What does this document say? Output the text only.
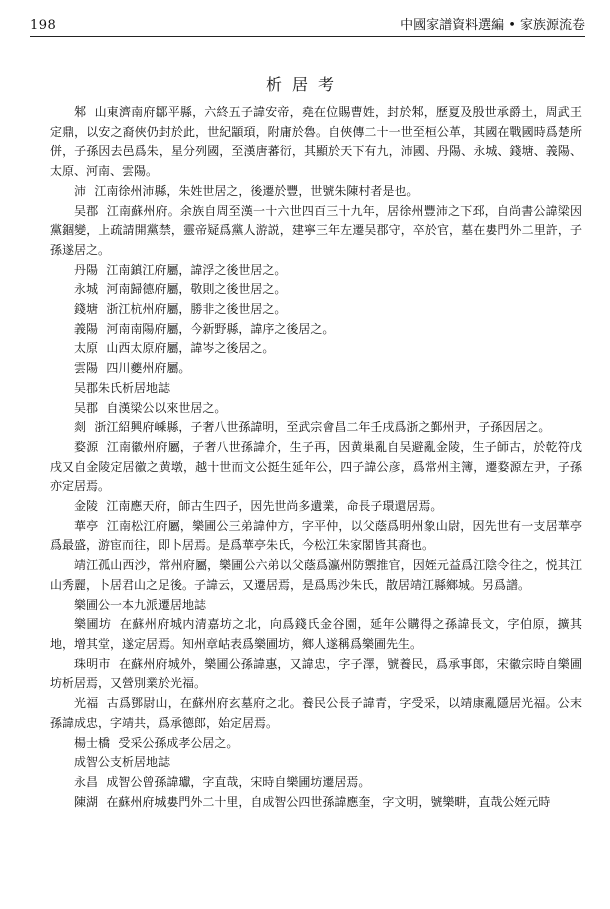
198	中國家譜資料選編 • 家族源流卷
析居考

邾 山東濟南府鄒平縣，六終五子諱安帝，堯在位賜曹姓，封於邾，歷夏及殷世承爵土，周武王定鼎，以安之裔俠仍封於此，世紀顓頊，附庸於魯。自俠傳二十一世至桓公革，其國在戰國時爲楚所併，子孫因去邑爲朱，星分列國，至漢唐蕃衍，其顯於天下有九，沛國、丹陽、永城、錢塘、義陽、太原、河南、雲陽。

沛 江南徐州沛縣，朱姓世居之，後遷於豐，世號朱陳村者是也。

吴郡 江南蘇州府。余族自周至漢一十六世四百三十九年，居徐州豐沛之下邳，自尚書公諱梁因黨錮變，上疏請開黨禁，靈帝疑爲黨人游説，建寧三年左遷吴郡守，卒於官，墓在婁門外二里許，子孫遂居之。

丹陽 江南鎮江府屬，諱浮之後世居之。

永城 河南歸德府屬，敬則之後世居之。

錢塘 浙江杭州府屬，勝非之後世居之。

義陽 河南南陽府屬，今新野縣，諱序之後居之。

太原 山西太原府屬，諱岑之後居之。

雲陽 四川夔州府屬。

吴郡朱氏析居地誌

吴郡 自漢梁公以來世居之。

剡 浙江紹興府嵊縣，子奢八世孫諱明，至武宗會昌二年壬戌爲浙之鄞州尹，子孫因居之。

婺源 江南徽州府屬，子奢八世孫諱介，生子再，因黄巢亂自吴避亂金陵，生子師古，於乾符戊戌又自金陵定居徽之黄墩，越十世而文公挺生延年公，四子諱公彦，爲常州主簿，遷婺源左尹，子孫亦定居焉。

金陵 江南應天府，師古生四子，因先世尚多遺業，命長子環還居焉。

華亭 江南松江府屬，樂圃公三弟諱仲方，字平仲，以父蔭爲明州象山尉，因先世有一支居華亭爲最盛，游宦而往，即卜居焉。是爲華亭朱氏，今松江朱家閣皆其裔也。

靖江孤山西沙，常州府屬，樂圃公六弟以父蔭爲瀛州防禦推官，因姪元益爲江陰令往之，悦其江山秀麗，卜居君山之足後。子諱云，又遷居焉，是爲馬沙朱氏，散居靖江縣鄉城。另爲譜。

樂圃公一本九派遷居地誌

樂圃坊 在蘇州府城内清嘉坊之北，向爲錢氏金谷園，延年公購得之孫諱長文，字伯原，擴其地，增其堂，遂定居焉。知州章岵表爲樂圃坊，鄉人遂稱爲樂圃先生。

珠明市 在蘇州府城外，樂圃公孫諱惠，又諱忠，字子澤，號養民，爲承事郎，宋徽宗時自樂圃坊析居焉，又營別業於光福。

光福 古爲鄧尉山，在蘇州府玄墓府之北。養民公長子諱青，字受采，以靖康亂隱居光福。公末孫諱成忠，字靖共，爲承德郎，始定居焉。

楊士橋 受采公孫成孝公居之。

成智公支析居地誌

永昌 成智公曾孫諱瓛，字直哉，宋時自樂圃坊遷居焉。

陳湖 在蘇州府城婁門外二十里，自成智公四世孫諱應奎，字文明，號樂畊，直哉公姪元時
